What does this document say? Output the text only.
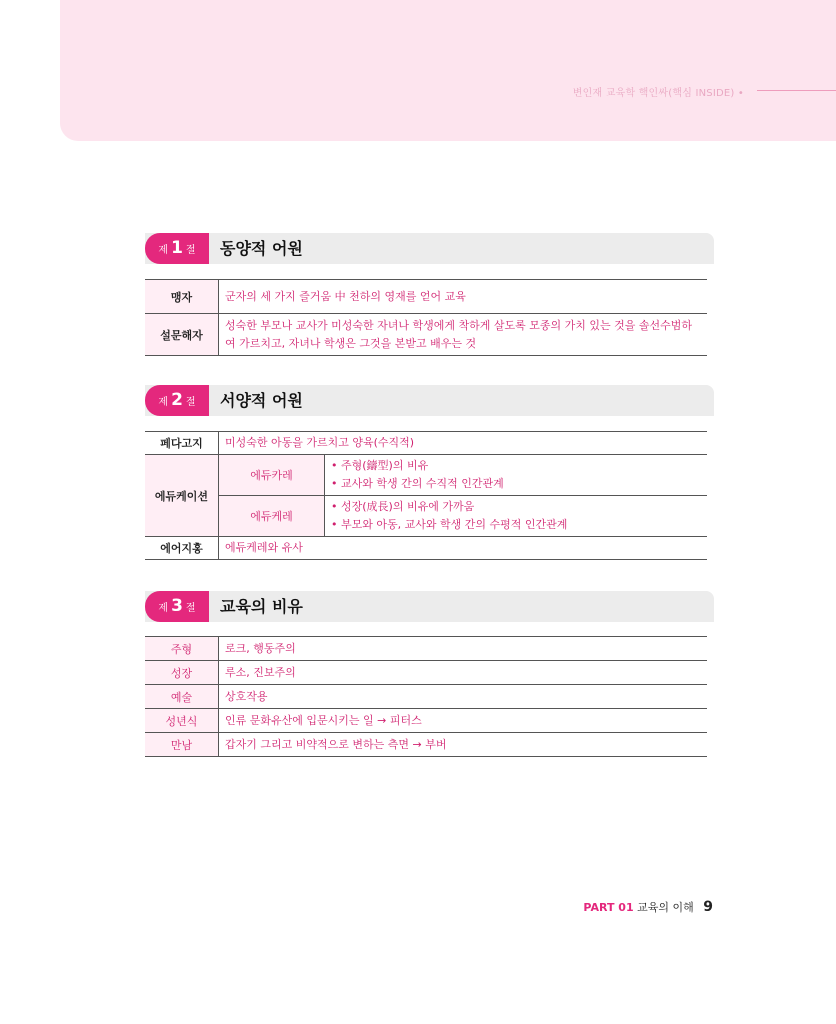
변인재 교육학 핵인싸(핵심 INSIDE) •
제 1 절	동양적 어원
맹자	군자의 세 가지 즐거움 中 천하의 영재를 얻어 교육
설문해자	성숙한 부모나 교사가 미성숙한 자녀나 학생에게 착하게 살도록 모종의 가치 있는 것을 솔선수범하여 가르치고, 자녀나 학생은 그것을 본받고 배우는 것
제 2 절	서양적 어원
페다고지	미성숙한 아동을 가르치고 양육(수직적)	
에듀케이션	에듀카레	• 주형(鑄型)의 비유
• 교사와 학생 간의 수직적 인간관계

	에듀케레	• 성장(成長)의 비유에 가까움
• 부모와 아동, 교사와 학생 간의 수평적 인간관계

에어지홍	에듀케레와 유사	
제 3 절	교육의 비유
주형	로크, 행동주의
성장	루소, 진보주의
예술	상호작용
성년식	인류 문화유산에 입문시키는 일 → 피터스
만남	갑자기 그리고 비약적으로 변하는 측면 → 부버
PART 01 교육의 이해 9
